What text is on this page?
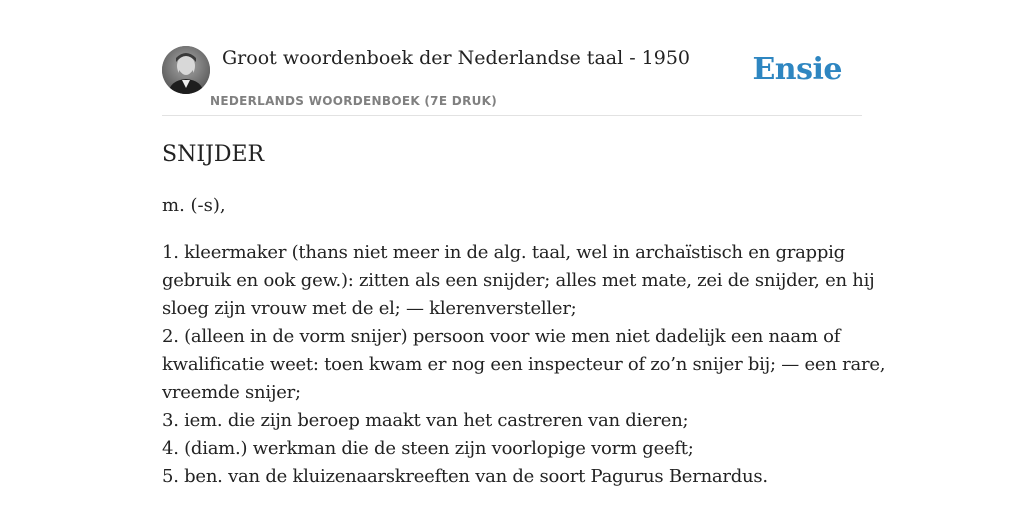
Groot woordenboek der Nederlandse taal - 1950
NEDERLANDS WOORDENBOEK (7E DRUK)
Ensie
SNIJDER
m. (-s),
1. kleermaker (thans niet meer in de alg. taal, wel in archaïstisch en grappig
gebruik en ook gew.): zitten als een snijder; alles met mate, zei de snijder, en hij
sloeg zijn vrouw met de el; — klerenversteller;
2. (alleen in de vorm snijer) persoon voor wie men niet dadelijk een naam of
kwalificatie weet: toen kwam er nog een inspecteur of zo’n snijer bij; — een rare,
vreemde snijer;
3. iem. die zijn beroep maakt van het castreren van dieren;
4. (diam.) werkman die de steen zijn voorlopige vorm geeft;
5. ben. van de kluizenaarskreeften van de soort Pagurus Bernardus.
